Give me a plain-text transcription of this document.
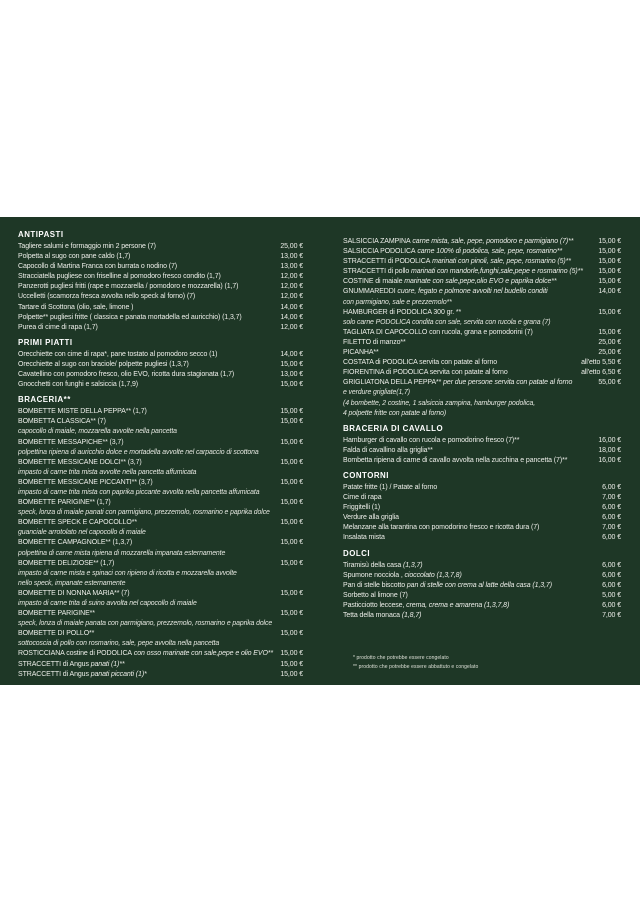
ANTIPASTI
Tagliere salumi e formaggio min 2 persone (7)	25,00 €
Polpetta al sugo con pane caldo (1,7)	13,00 €
Capocollo di Martina Franca con burrata o nodino (7)	13,00 €
Stracciatella pugliese con friselline al pomodoro fresco condito (1,7)	12,00 €
Panzerotti pugliesi fritti (rape e mozzarella / pomodoro e mozzarella) (1,7)	12,00 €
Uccelletti (scamorza fresca avvolta nello speck al forno) (7)	12,00 €
Tartare di Scottona (olio, sale, limone )	14,00 €
Polpette** pugliesi fritte ( classica e panata mortadella ed auricchio) (1,3,7)	14,00 €
Purea di cime di rapa (1,7)	12,00 €
PRIMI PIATTI
Orecchiette con cime di rapa*, pane tostato al pomodoro secco (1)	14,00 €
Orecchiette al sugo con braciole/ polpette pugliesi (1,3,7)	15,00 €
Cavatellino con pomodoro fresco, olio EVO, ricotta dura stagionata (1,7)	13,00 €
Gnocchetti con funghi e salsiccia (1,7,9)	15,00 €
BRACERIA**
BOMBETTE MISTE DELLA PEPPA** (1,7)	15,00 €
BOMBETTA CLASSICA** (7)	15,00 €
capocollo di maiale, mozzarella avvolte nella pancetta
BOMBETTE MESSAPICHE** (3,7)	15,00 €
polpettina ripiena di auricchio dolce e mortadella avvolte nel carpaccio di scottona
BOMBETTE MESSICANE DOLCI** (3,7)	15,00 €
impasto di carne trita mista avvolte nella pancetta affumicata
BOMBETTE MESSICANE PICCANTI** (3,7)	15,00 €
impasto di carne trita mista con paprika piccante avvolta nella pancetta affumicata
BOMBETTE PARIGINE** (1,7)	15,00 €
speck, lonza di maiale panati con parmigiano, prezzemolo, rosmarino e paprika dolce
BOMBETTE SPECK E CAPOCOLLO**	15,00 €
guanciale arrotolato nel capocollo di maiale
BOMBETTE CAMPAGNOLE** (1,3,7)	15,00 €
polpettina di carne mista ripiena di mozzarella impanata esternamente
BOMBETTE DELIZIOSE** (1,7)	15,00 €
impasto di carne mista e spinaci con ripieno di ricotta e mozzarella avvolte
nello speck, impanate esternamente
BOMBETTE DI NONNA MARIA** (7)	15,00 €
impasto di carne trita di suino avvolta nel capocollo di maiale
BOMBETTE PARIGINE**	15,00 €
speck, lonza di maiale panata con parmigiano, prezzemolo, rosmarino e paprika dolce
BOMBETTE DI POLLO**	15,00 €
sottocoscia di pollo con rosmarino, sale, pepe avvolta nella pancetta
ROSTICCIANA costine di PODOLICA con osso marinate con sale,pepe e olio EVO**	15,00 €
STRACCETTI di Angus panati (1)**	15,00 €
STRACCETTI di Angus panati piccanti (1)*	15,00 €
SALSICCIA ZAMPINA carne mista, sale, pepe, pomodoro e parmigiano (7)**	15,00 €
SALSICCIA PODOLICA carne 100% di podolica, sale, pepe, rosmarino**	15,00 €
STRACCETTI di PODOLICA marinati con pinoli, sale, pepe, rosmarino (5)**	15,00 €
STRACCETTI di pollo marinati con mandorle,funghi,sale,pepe e rosmarino (5)**	15,00 €
COSTINE di maiale marinate con sale,pepe,olio EVO e paprika dolce**	15,00 €
GNUMMAREDDI cuore, fegato e polmone avvolti nel budello conditi	14,00 €
con parmigiano, sale e prezzemolo**
HAMBURGER di PODOLICA 300 gr. **	15,00 €
solo carne PODOLICA condita con sale, servita con rucola e grana (7)
TAGLIATA DI CAPOCOLLO con rucola, grana e pomodorini (7)	15,00 €
FILETTO di manzo**	25,00 €
PICANHA**	25,00 €
COSTATA di PODOLICA servita con patate al forno	all'etto 5,50 €
FIORENTINA di PODOLICA servita con patate al forno	all'etto 6,50 €
GRIGLIATONA DELLA PEPPA** per due persone servita con patate al forno	55,00 €
e verdure grigliate(1,7)
(4 bombette, 2 costine, 1 salsiccia zampina, hamburger podolica,
4 polpette fritte con patate al forno)
BRACERIA DI CAVALLO
Hamburger di cavallo con rucola e pomodorino fresco (7)**	16,00 €
Falda di cavallino alla griglia**	18,00 €
Bombetta ripiena di carne di cavallo avvolta nella zucchina e pancetta (7)**	16,00 €
CONTORNI
Patate fritte (1) / Patate al forno	6,00 €
Cime di rapa	7,00 €
Friggitelli (1)	6,00 €
Verdure alla griglia	6,00 €
Melanzane alla tarantina con pomodorino fresco e ricotta dura (7)	7,00 €
Insalata mista	6,00 €
DOLCI
Tiramisù della casa (1,3,7)	6,00 €
Spumone nocciola , cioccolato (1,3,7,8)	6,00 €
Pan di stelle biscotto pan di stelle con crema al latte della casa (1,3,7)	6,00 €
Sorbetto al limone (7)	5,00 €
Pasticciotto leccese, crema, crema e amarena (1,3,7,8)	6,00 €
Tetta della monaca (1,8,7)	7,00 €
* prodotto che potrebbe essere congelato
** prodotto che potrebbe essere abbattuto e congelato
